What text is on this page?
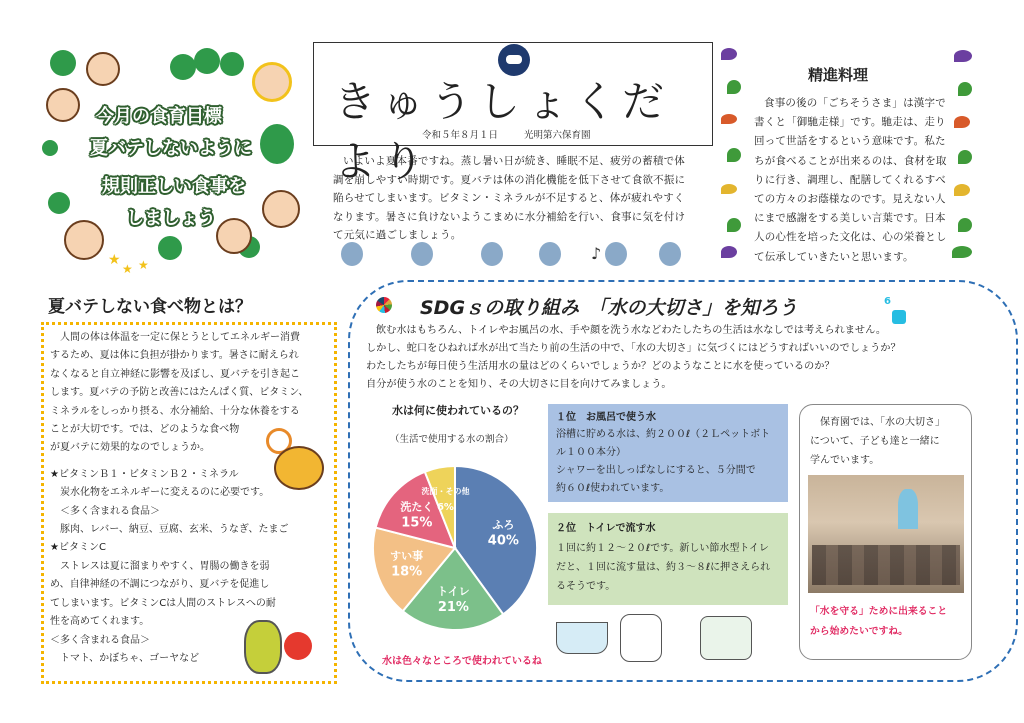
★
★ ★
今月の食育目標
夏バテしないように
規則正しい食事を
しましょう
きゅうしょくだより
令和５年８月１日	光明第六保育園
いよいよ夏本番ですね。蒸し暑い日が続き、睡眠不足、疲労の蓄積で体
調を崩しやすい時期です。夏バテは体の消化機能を低下させて食欲不振に
陥らせてしまいます。ビタミン・ミネラルが不足すると、体が疲れやすく
なります。暑さに負けないようこまめに水分補給を行い、食事に気を付け
て元気に過ごしましょう。
♪
精進料理
食事の後の「ごちそうさま」は漢字で
書くと「御馳走様」です。馳走は、走り
回って世話をするという意味です。私た
ちが食べることが出来るのは、食材を取
りに行き、調理し、配膳してくれるすべ
ての方々のお蔭様なのです。見えない人
にまで感謝をする美しい言葉です。日本
人の心性を培った文化は、心の栄養とし
て伝承していきたいと思います。
夏バテしない食べ物とは？
人間の体は体温を一定に保とうとしてエネルギー消費
するため、夏は体に負担が掛かります。暑さに耐えられ
なくなると自立神経に影響を及ぼし、夏バテを引き起こ
します。夏バテの予防と改善にはたんぱく質、ビタミン、
ミネラルをしっかり摂る、水分補給、十分な休養をする
ことが大切です。では、どのような食べ物
が夏バテに効果的なのでしょうか。
★ビタミンＢ１・ビタミンＢ２・ミネラル
炭水化物をエネルギーに変えるのに必要です。
＜多く含まれる食品＞
豚肉、レバー、納豆、豆腐、玄米、うなぎ、たまご
★ビタミンC
ストレスは夏に溜まりやすく、胃腸の働きを弱
め、自律神経の不調につながり、夏バテを促進し
てしまいます。ビタミンCは人間のストレスへの耐
性を高めてくれます。
＜多く含まれる食品＞
トマト、かぼちゃ、ゴーヤなど
SDGｓの取り組み　「水の大切さ」を知ろう	6
飲む水はもちろん、トイレやお風呂の水、手や顔を洗う水などわたしたちの生活は水なしでは考えられません。
しかし、蛇口をひねれば水が出て当たり前の生活の中で、「水の大切さ」に気づくにはどうすればいいのでしょうか？
わたしたちが毎日使う生活用水の量はどのくらいでしょうか？どのようなことに水を使っているのか？
自分が使う水のことを知り、その大切さに目を向けてみましょう。
水は何に使われているの？
（生活で使用する水の割合）
ふろ
40%
トイレ
21%
すい事
18%
洗たく
15%
洗面・その他
6%
水は色々なところで使われているね
１位　お風呂で使う水
浴槽に貯める水は、約２００ℓ（２Ｌペットボト
ル１００本分）
シャワーを出しっぱなしにすると、５分間で
約６０ℓ使われています。
２位　トイレで流す水
１回に約１２～２０ℓです。新しい節水型トイレ
だと、１回に流す量は、約３～８ℓに押さえられ
るそうです。
保育園では、「水の大切さ」
について、子ども達と一緒に
学んでいます。
「水を守る」ために出来ること
から始めたいですね。
